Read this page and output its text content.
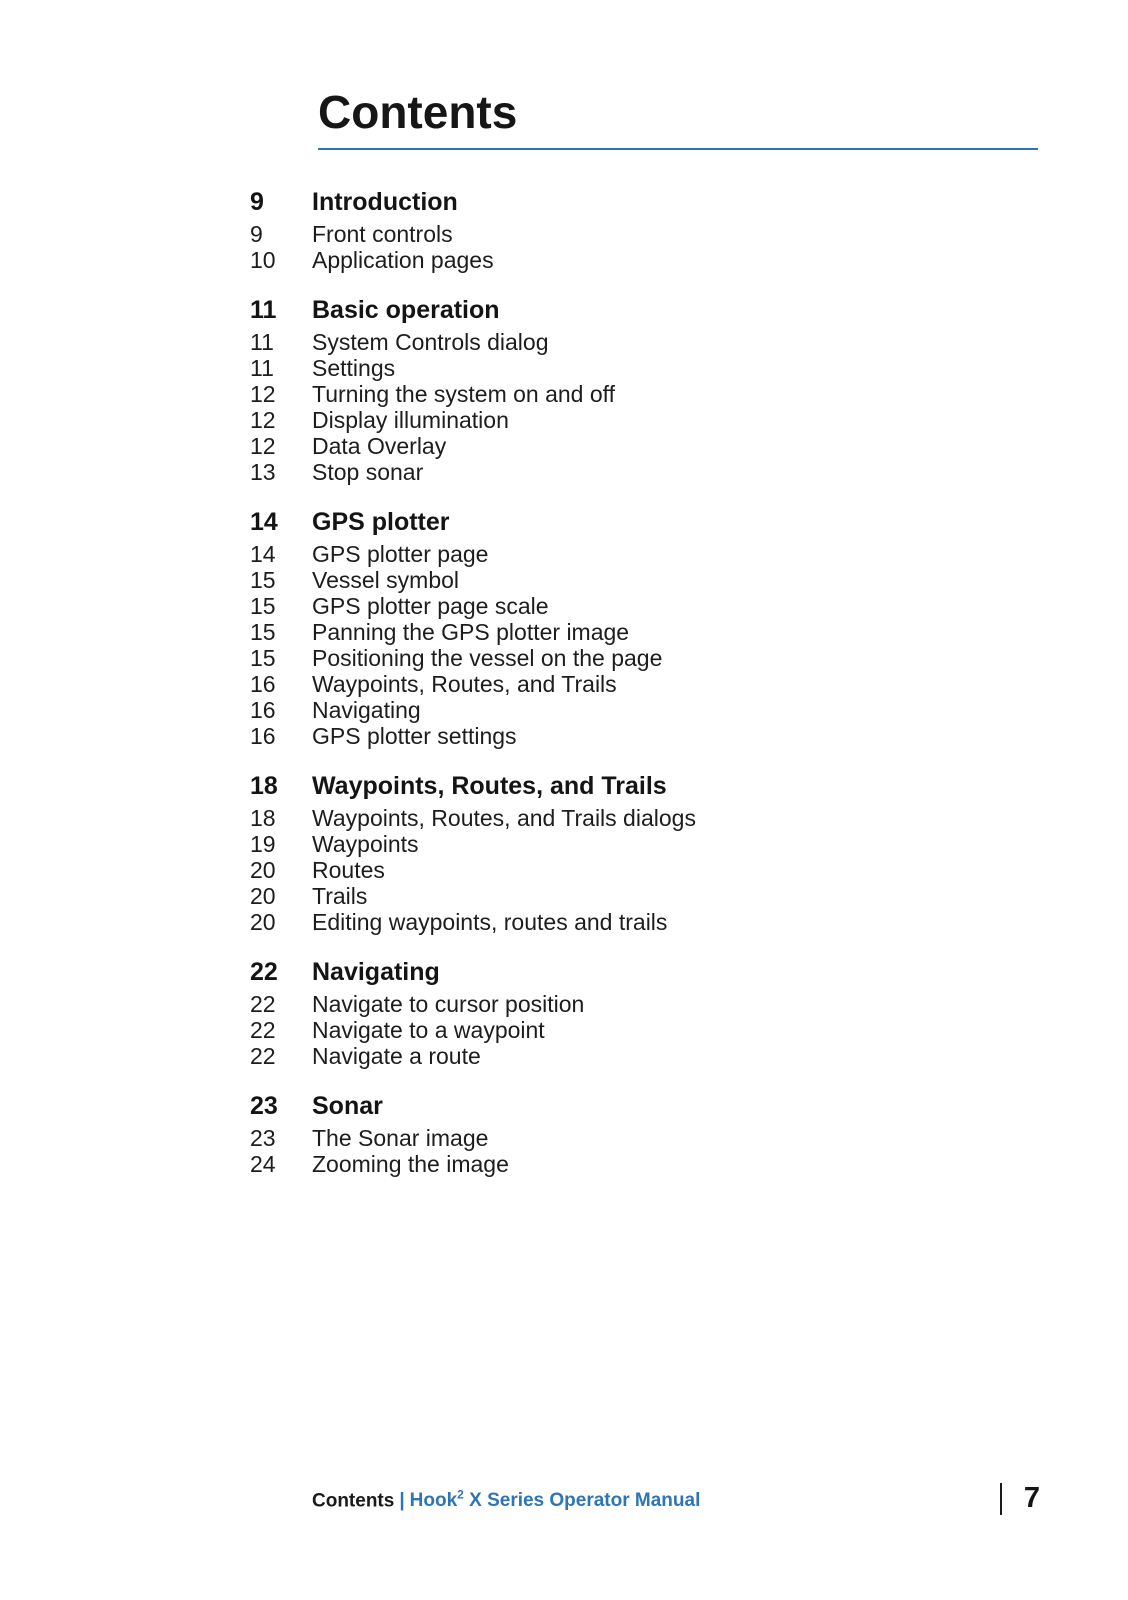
Contents
9	Introduction
9	Front controls
10	Application pages
11	Basic operation
11	System Controls dialog
11	Settings
12	Turning the system on and off
12	Display illumination
12	Data Overlay
13	Stop sonar
14	GPS plotter
14	GPS plotter page
15	Vessel symbol
15	GPS plotter page scale
15	Panning the GPS plotter image
15	Positioning the vessel on the page
16	Waypoints, Routes, and Trails
16	Navigating
16	GPS plotter settings
18	Waypoints, Routes, and Trails
18	Waypoints, Routes, and Trails dialogs
19	Waypoints
20	Routes
20	Trails
20	Editing waypoints, routes and trails
22	Navigating
22	Navigate to cursor position
22	Navigate to a waypoint
22	Navigate a route
23	Sonar
23	The Sonar image
24	Zooming the image
Contents | Hook$^2$ X Series Operator Manual	7
